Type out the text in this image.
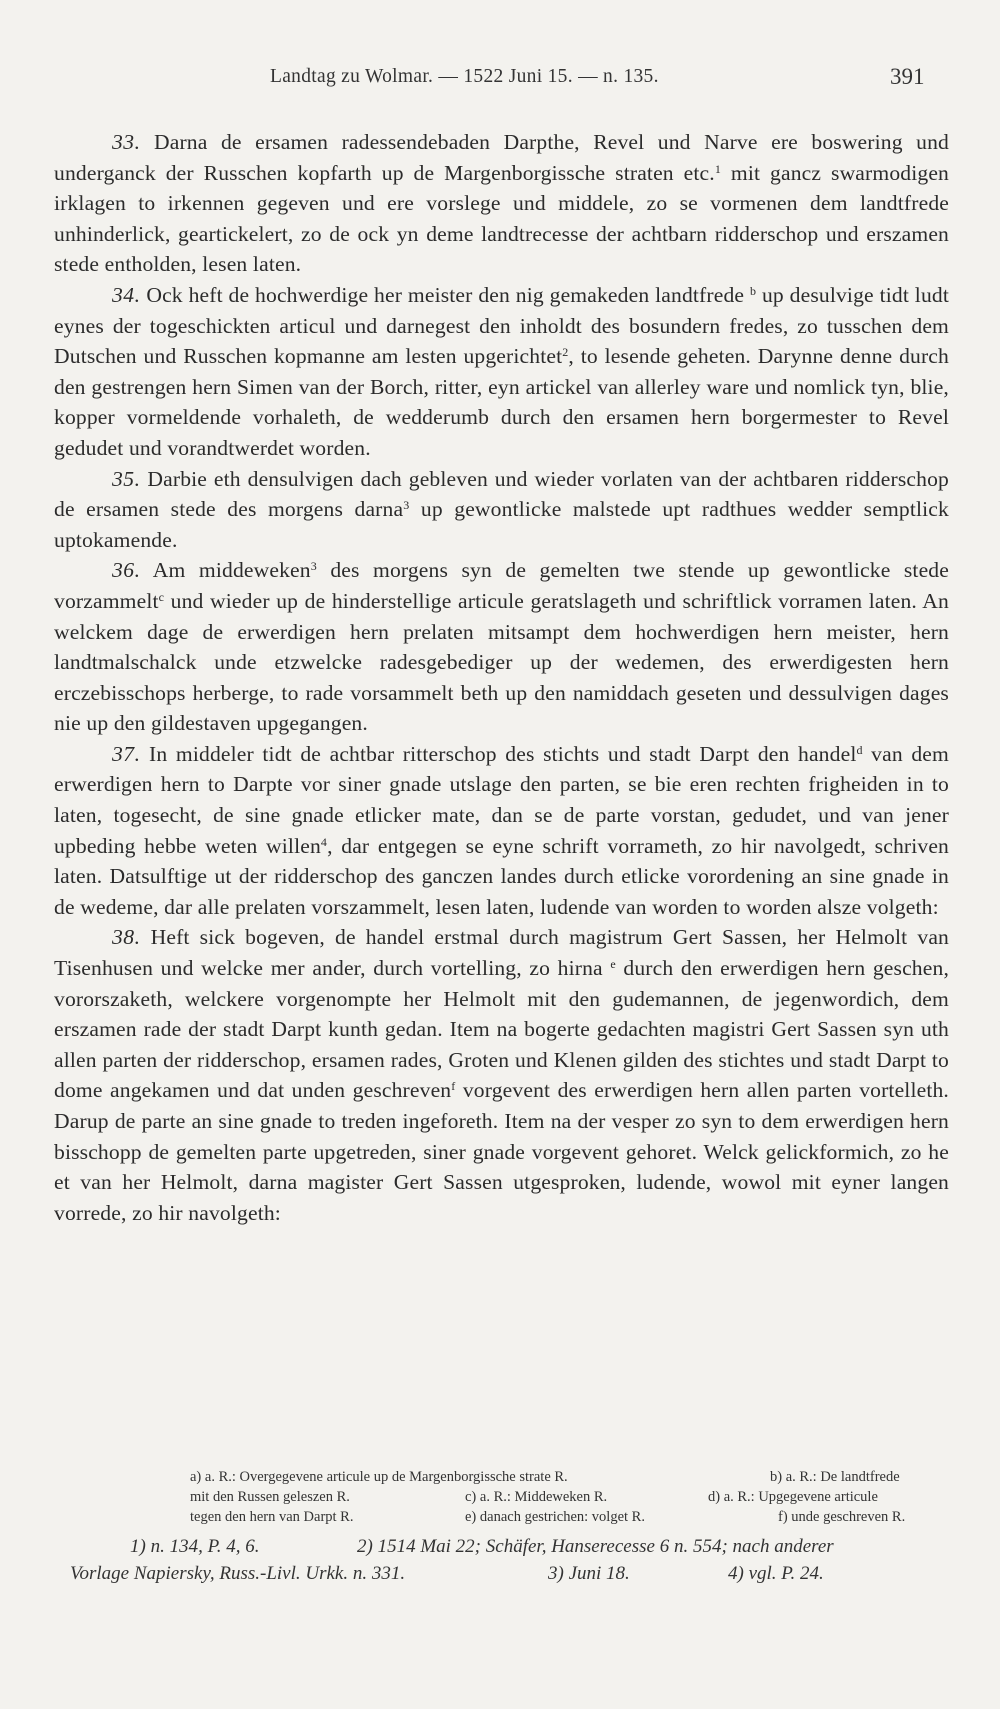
Landtag zu Wolmar. — 1522 Juni 15. — n. 135.	391

33. Darna de ersamen radessendebaden Darpthe, Revel und Narve ere boswering und underganck der Russchen kopfarth up de Margenborgissche straten etc.$^1$ mit gancz swarmodigen irklagen to irkennen gegeven und ere vorslege und middele, zo se vormenen dem landtfrede unhinderlick, geartickelert, zo de ock yn deme landtrecesse der achtbarn ridderschop und erszamen stede entholden, lesen laten.

34. Ock heft de hochwerdige her meister den nig gemakeden landtfrede $^b$ up desulvige tidt ludt eynes der togeschickten articul und darnegest den inholdt des bosundern fredes, zo tusschen dem Dutschen und Russchen kopmanne am lesten upgerichtet$^2$, to lesende geheten. Darynne denne durch den gestrengen hern Simen van der Borch, ritter, eyn artickel van allerley ware und nomlick tyn, blie, kopper vormeldende vorhaleth, de wedderumb durch den ersamen hern borgermester to Revel gedudet und vorandtwerdet worden.

35. Darbie eth densulvigen dach gebleven und wieder vorlaten van der achtbaren ridderschop de ersamen stede des morgens darna$^3$ up gewontlicke malstede upt radthues wedder semptlick uptokamende.

36. Am middeweken$^3$ des morgens syn de gemelten twe stende up gewontlicke stede vorzammelt$^c$ und wieder up de hinderstellige articule geratslageth und schriftlick vorramen laten. An welckem dage de erwerdigen hern prelaten mitsampt dem hochwerdigen hern meister, hern landtmalschalck unde etzwelcke radesgebediger up der wedemen, des erwerdigesten hern erczebisschops herberge, to rade vorsammelt beth up den namiddach geseten und dessulvigen dages nie up den gildestaven upgegangen.

37. In middeler tidt de achtbar ritterschop des stichts und stadt Darpt den handel$^d$ van dem erwerdigen hern to Darpte vor siner gnade utslage den parten, se bie eren rechten frigheiden in to laten, togesecht, de sine gnade etlicker mate, dan se de parte vorstan, gedudet, und van jener upbeding hebbe weten willen$^4$, dar entgegen se eyne schrift vorrameth, zo hir navolgedt, schriven laten. Datsulftige ut der ridderschop des ganczen landes durch etlicke vorordening an sine gnade in de wedeme, dar alle prelaten vorszammelt, lesen laten, ludende van worden to worden alsze volgeth:

38. Heft sick bogeven, de handel erstmal durch magistrum Gert Sassen, her Helmolt van Tisenhusen und welcke mer ander, durch vortelling, zo hirna $^e$ durch den erwerdigen hern geschen, vororszaketh, welckere vorgenompte her Helmolt mit den gudemannen, de jegenwordich, dem erszamen rade der stadt Darpt kunth gedan. Item na bogerte gedachten magistri Gert Sassen syn uth allen parten der ridderschop, ersamen rades, Groten und Klenen gilden des stichtes und stadt Darpt to dome angekamen und dat unden geschreven$^f$ vorgevent des erwerdigen hern allen parten vortelleth. Darup de parte an sine gnade to treden ingeforeth. Item na der vesper zo syn to dem erwerdigen hern bisschopp de gemelten parte upgetreden, siner gnade vorgevent gehoret. Welck gelickformich, zo he et van her Helmolt, darna magister Gert Sassen utgesproken, ludende, wowol mit eyner langen vorrede, zo hir navolgeth:

a) a. R.: Overgegevene articule up de Margenborgissche strate R.	b) a. R.: De landtfrede
mit den Russen geleszen R.	c) a. R.: Middeweken R.	d) a. R.: Upgegevene articule
tegen den hern van Darpt R.	e) danach gestrichen: volget R.	f) unde geschreven R.
1) n. 134, P. 4, 6.	2) 1514 Mai 22; Schäfer, Hanserecesse 6 n. 554; nach anderer
Vorlage Napiersky, Russ.-Livl. Urkk. n. 331.	3) Juni 18.	4) vgl. P. 24.
